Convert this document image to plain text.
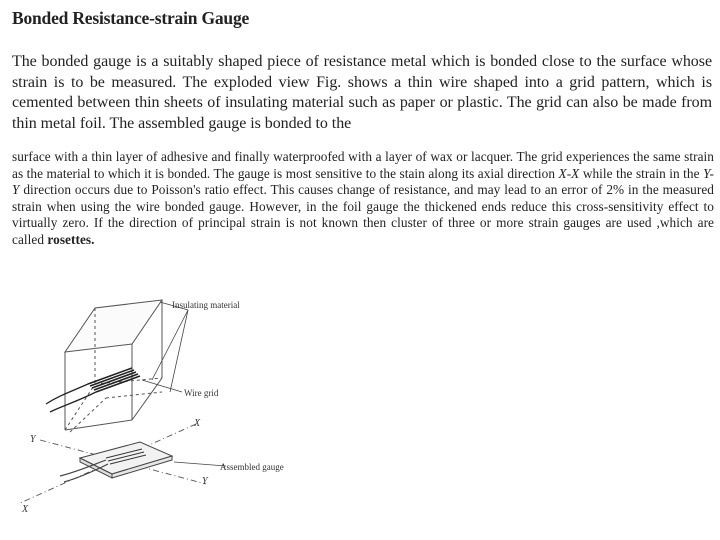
Bonded Resistance-strain Gauge

The bonded gauge is a suitably shaped piece of resistance metal which is bonded close to the surface whose strain is to be measured. The exploded view Fig. shows a thin wire shaped into a grid pattern, which is cemented between thin sheets of insulating material such as paper or plastic. The grid can also be made from thin metal foil. The assembled gauge is bonded to the

surface with a thin layer of adhesive and finally waterproofed with a layer of wax or lacquer. The grid experiences the same strain as the material to which it is bonded. The gauge is most sensitive to the stain along its axial direction X-X while the strain in the Y- Y direction occurs due to Poisson's ratio effect. This causes change of resistance, and may lead to an error of 2% in the measured strain when using the wire bonded gauge. However, in the foil gauge the thickened ends reduce this cross-sensitivity effect to virtually zero. If the direction of principal strain is not known then cluster of three or more strain gauges are used ,which are called rosettes.

Insulating material
Wire grid
Assembled gauge
X
Y
Y
X
